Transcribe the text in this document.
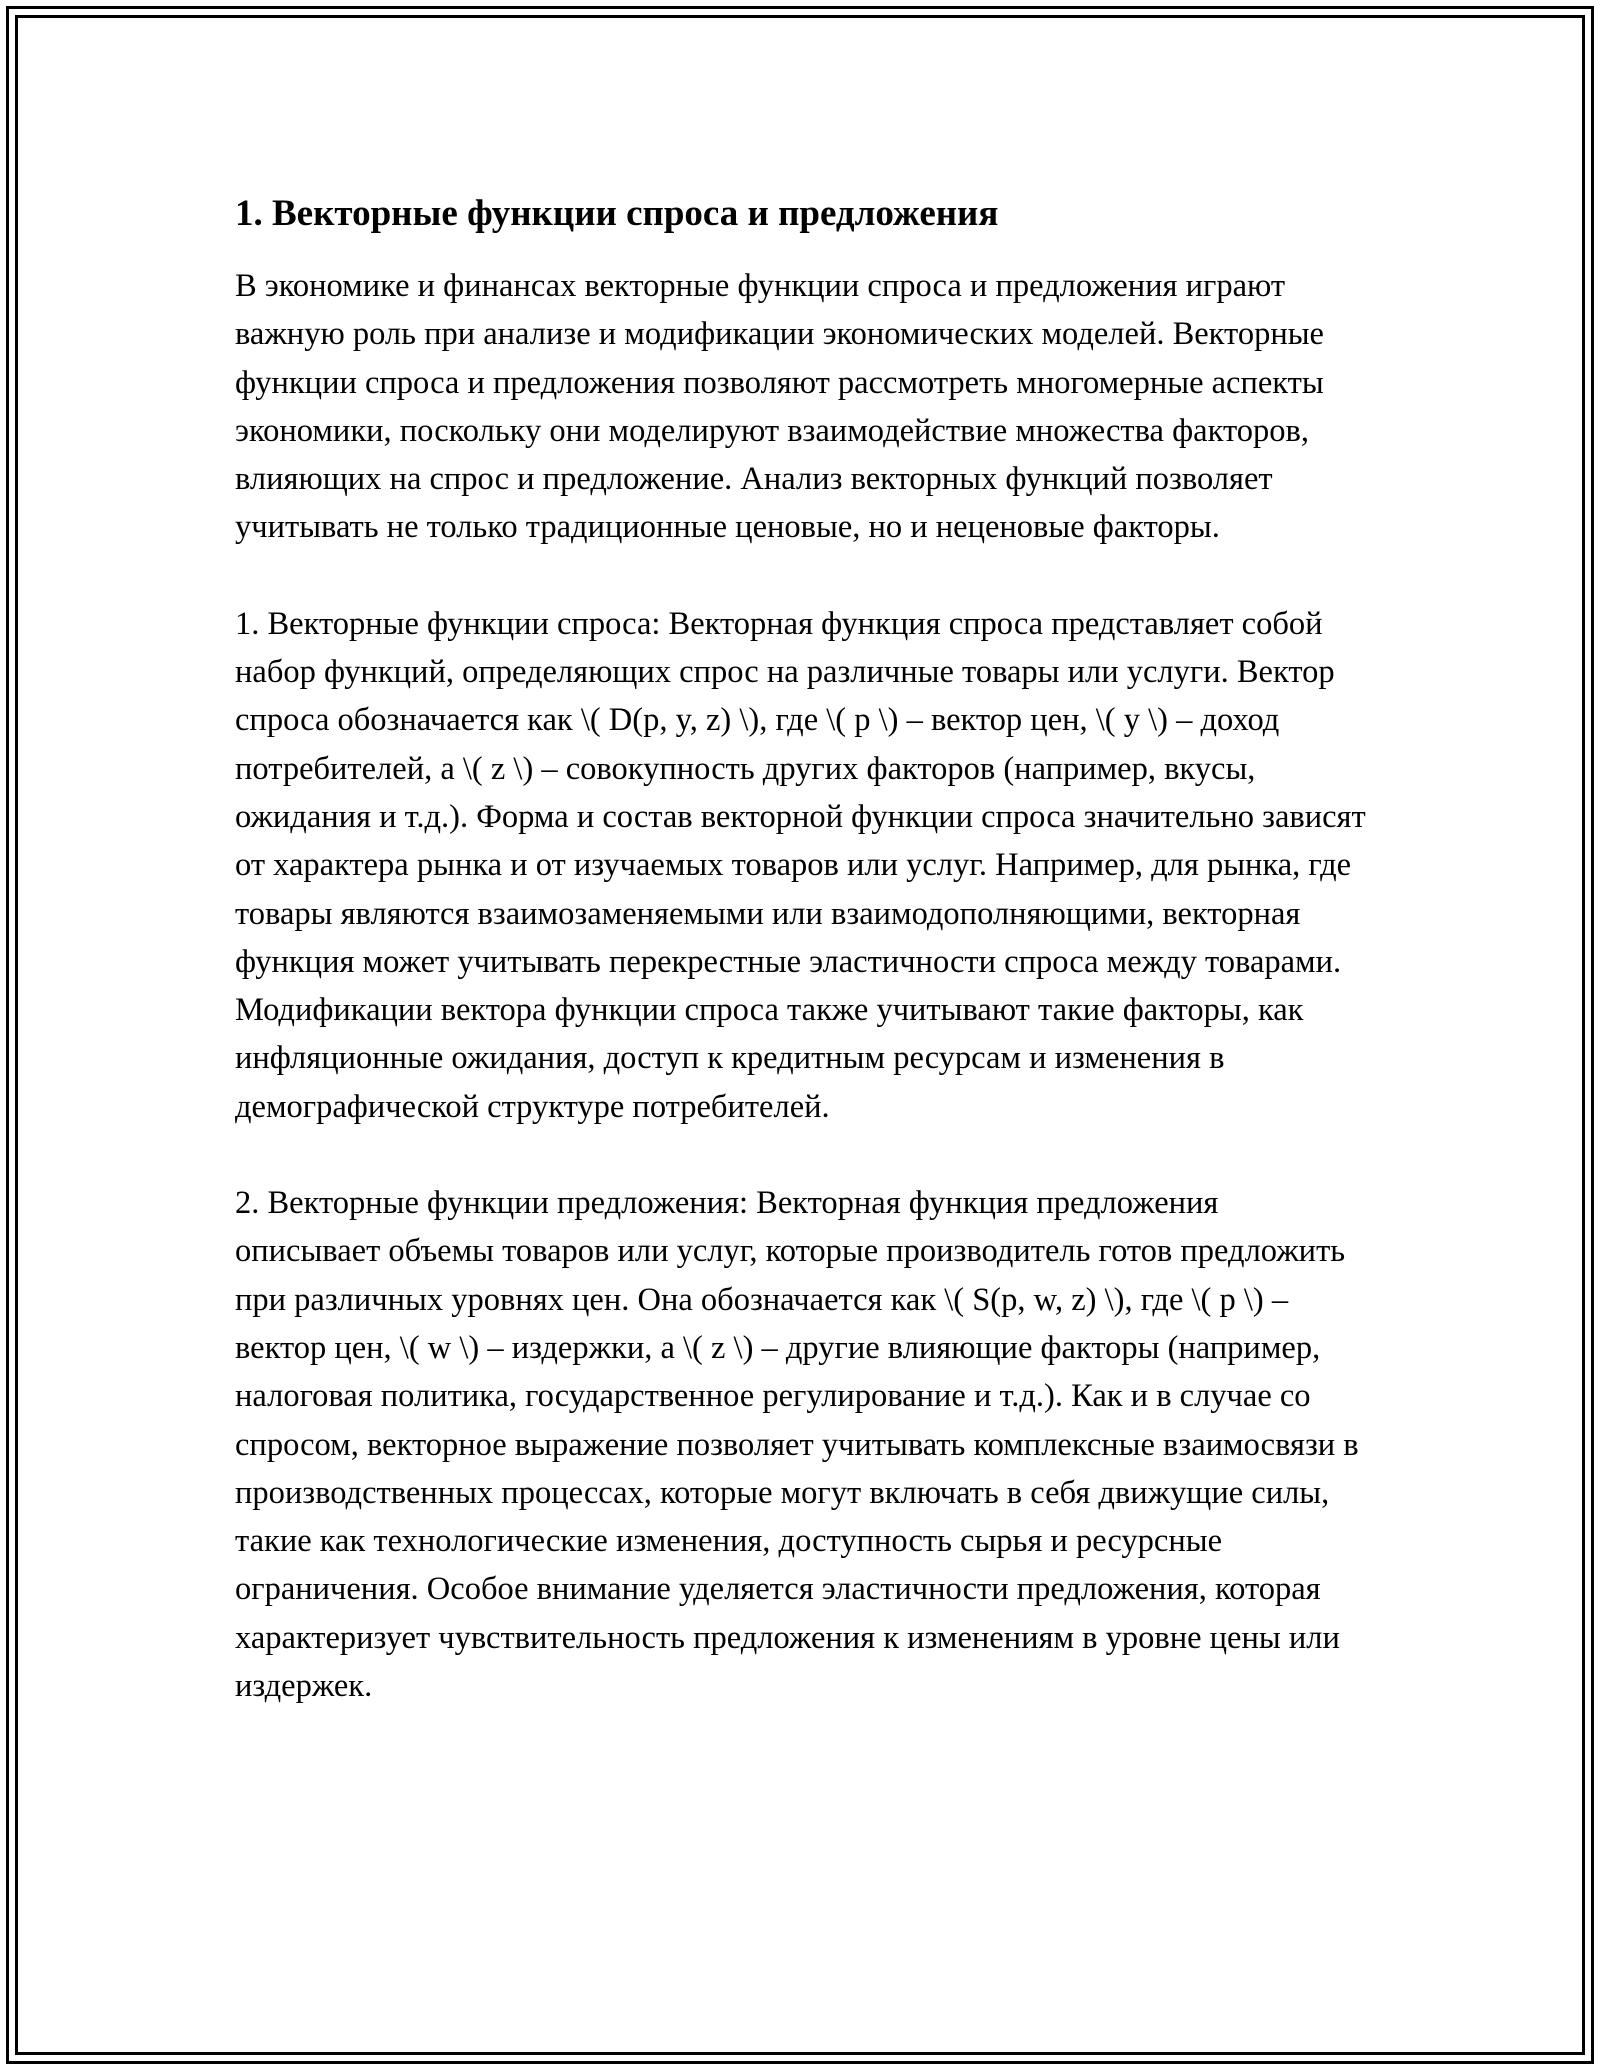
1. Векторные функции спроса и предложения

В экономике и финансах векторные функции спроса и предложения играют важную роль при анализе и модификации экономических моделей. Векторные функции спроса и предложения позволяют рассмотреть многомерные аспекты экономики, поскольку они моделируют взаимодействие множества факторов, влияющих на спрос и предложение. Анализ векторных функций позволяет учитывать не только традиционные ценовые, но и неценовые факторы.

1. Векторные функции спроса: Векторная функция спроса представляет собой набор функций, определяющих спрос на различные товары или услуги. Вектор спроса обозначается как \( D(p, y, z) \), где \( p \) – вектор цен, \( y \) – доход потребителей, а \( z \) – совокупность других факторов (например, вкусы, ожидания и т.д.). Форма и состав векторной функции спроса значительно зависят от характера рынка и от изучаемых товаров или услуг. Например, для рынка, где товары являются взаимозаменяемыми или взаимодополняющими, векторная функция может учитывать перекрестные эластичности спроса между товарами. Модификации вектора функции спроса также учитывают такие факторы, как инфляционные ожидания, доступ к кредитным ресурсам и изменения в демографической структуре потребителей.

2. Векторные функции предложения: Векторная функция предложения описывает объемы товаров или услуг, которые производитель готов предложить при различных уровнях цен. Она обозначается как \( S(p, w, z) \), где \( p \) – вектор цен, \( w \) – издержки, а \( z \) – другие влияющие факторы (например, налоговая политика, государственное регулирование и т.д.). Как и в случае со спросом, векторное выражение позволяет учитывать комплексные взаимосвязи в производственных процессах, которые могут включать в себя движущие силы, такие как технологические изменения, доступность сырья и ресурсные ограничения. Особое внимание уделяется эластичности предложения, которая характеризует чувствительность предложения к изменениям в уровне цены или издержек.
